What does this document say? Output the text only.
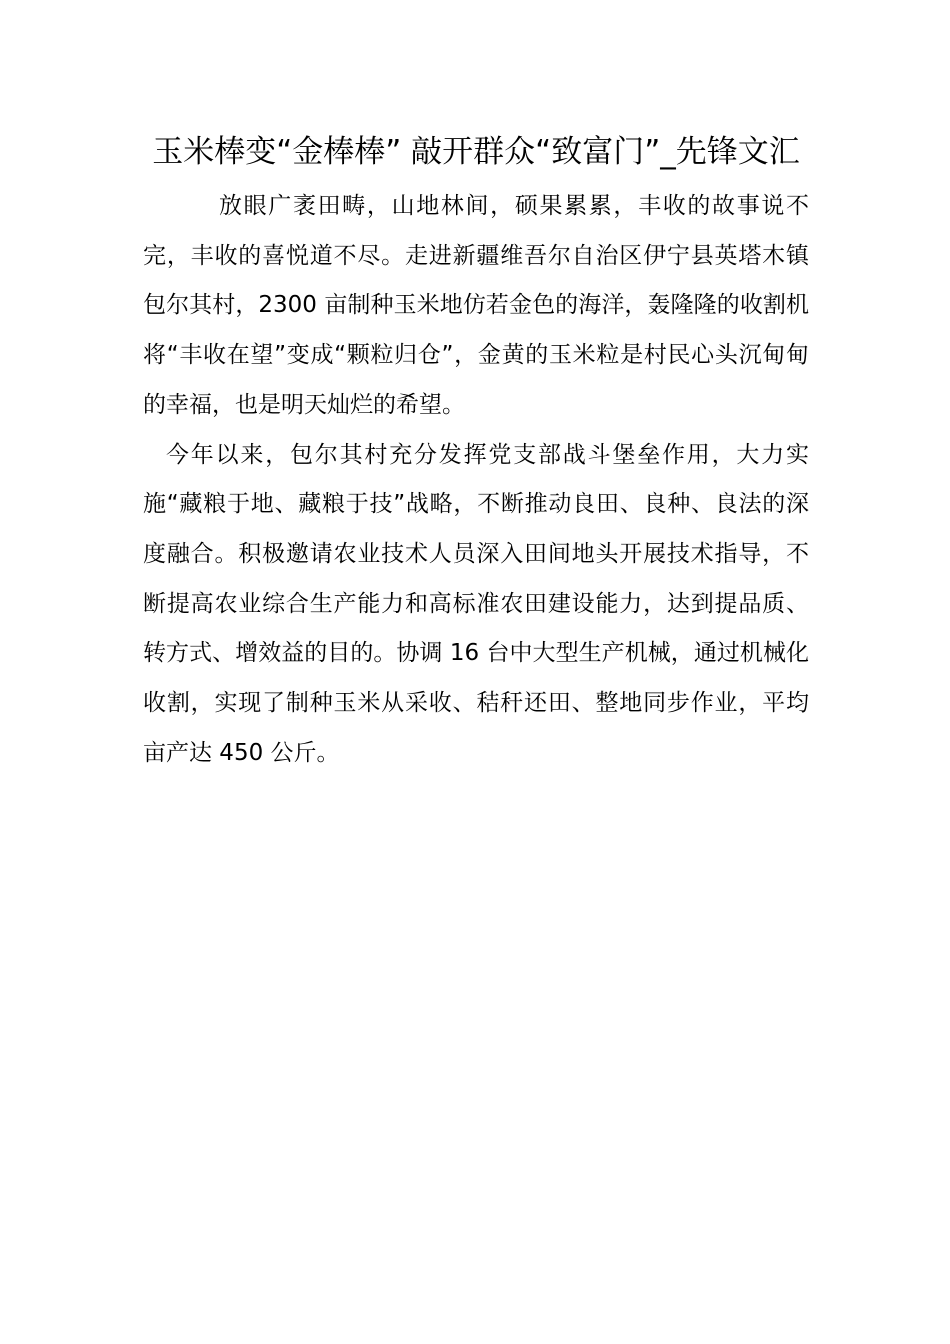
玉米棒变“金棒棒” 敲开群众“致富门”_先锋文汇

放眼广袤田畴，山地林间，硕果累累，丰收的故事说不完，丰收的喜悦道不尽。走进新疆维吾尔自治区伊宁县英塔木镇包尔其村，2300 亩制种玉米地仿若金色的海洋，轰隆隆的收割机将“丰收在望”变成“颗粒归仓”，金黄的玉米粒是村民心头沉甸甸的幸福，也是明天灿烂的希望。

今年以来，包尔其村充分发挥党支部战斗堡垒作用，大力实施“藏粮于地、藏粮于技”战略，不断推动良田、良种、良法的深度融合。积极邀请农业技术人员深入田间地头开展技术指导，不断提高农业综合生产能力和高标准农田建设能力，达到提品质、转方式、增效益的目的。协调 16 台中大型生产机械，通过机械化收割，实现了制种玉米从采收、秸秆还田、整地同步作业，平均亩产达 450 公斤。
